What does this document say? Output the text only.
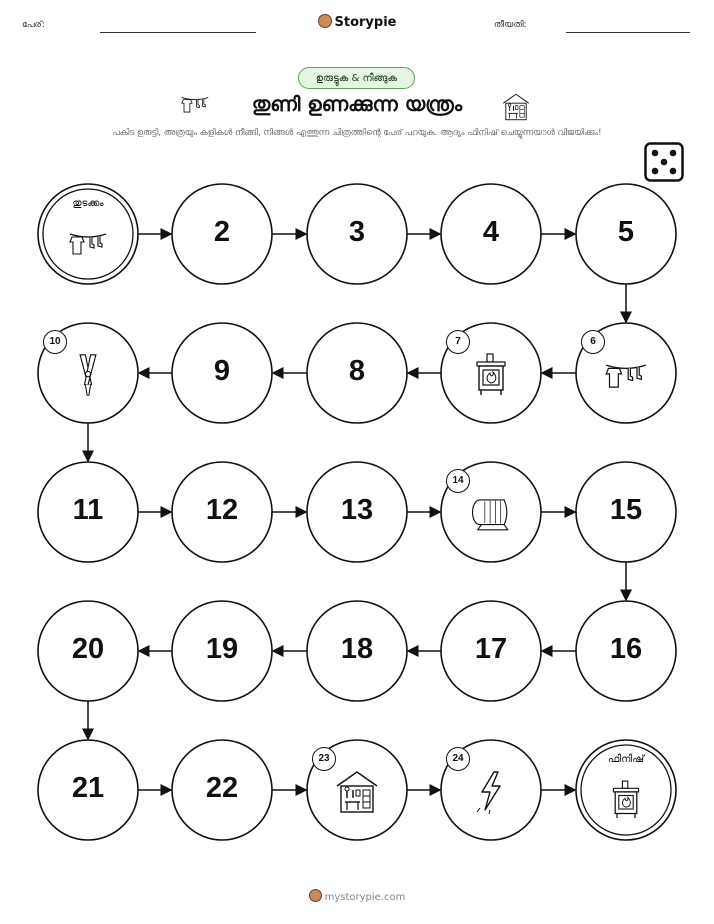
പേര്:	Storypie	തീയതി:
ഉരുട്ടുക & നീങ്ങുക
തുണി ഉണക്കുന്ന യന്ത്രം
പകിട ഉരുട്ടി, അത്രയും കളികൾ നീങ്ങി, നിങ്ങൾ എത്തുന്ന ചിത്രത്തിന്റെ പേര് പറയുക. ആദ്യം ഫിനിഷ് ചെയ്യുന്നയാൾ വിജയിക്കും!
തുടക്കം
2	3	4	5
6
7
8
9
10
11	12	13
14
15
16
17
18
19
20
21	22
23	24	ഫിനിഷ്
mystorypie.com
